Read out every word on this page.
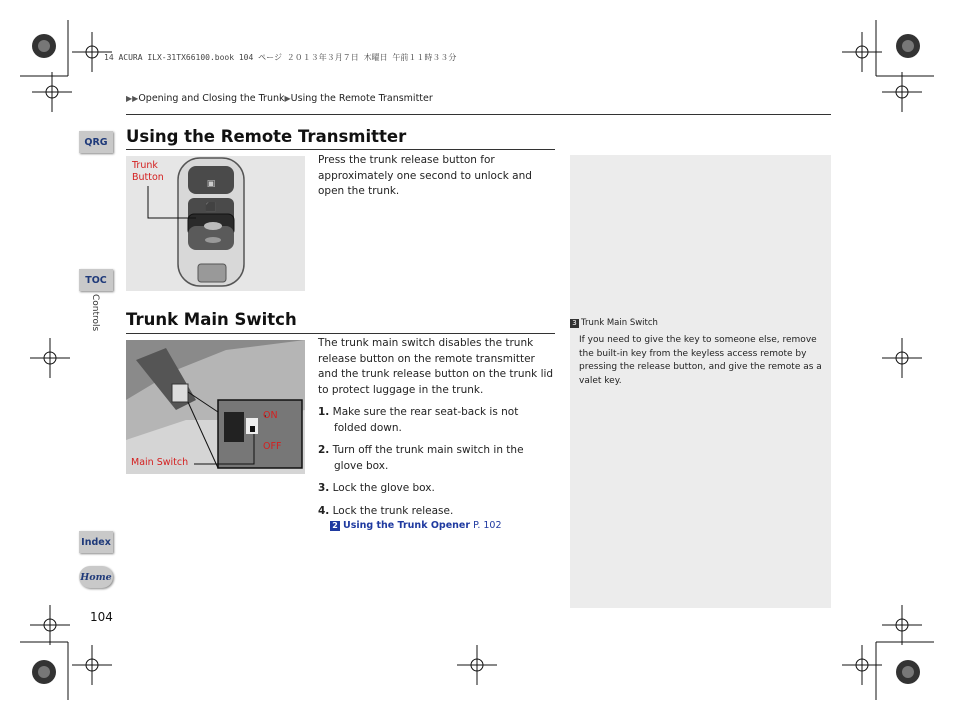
14 ACURA ILX-31TX66100.book 104 ページ ２０１３年３月７日 木曜日 午前１１時３３分
▶▶Opening and Closing the Trunk▶Using the Remote Transmitter
QRG
TOC
Controls
Index
Home
Using the Remote Transmitter
▣
⬛
Trunk
Button
Press the trunk release button for approximately one second to unlock and open the trunk.
Trunk Main Switch
ON
OFF
Main Switch
The trunk main switch disables the trunk release button on the remote transmitter and the trunk release button on the trunk lid to protect luggage in the trunk.
1. Make sure the rear seat-back is not folded down.
2. Turn off the trunk main switch in the glove box.
3. Lock the glove box.
4. Lock the trunk release.
2 Using the Trunk Opener P. 102
3 Trunk Main Switch
If you need to give the key to someone else, remove the built-in key from the keyless access remote by pressing the release button, and give the remote as a valet key.
104
